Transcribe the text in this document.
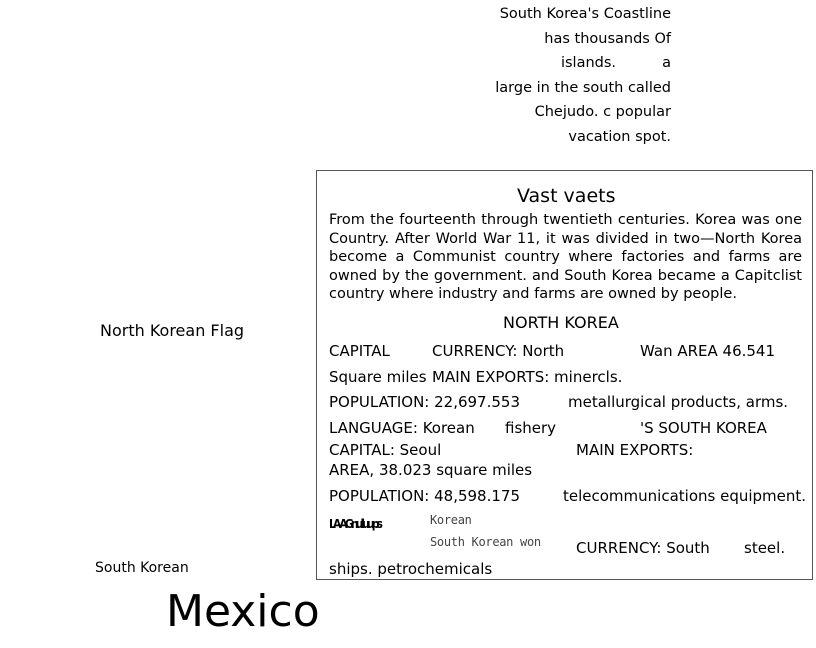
South Korea's Coastline
has thousands Of
islands.          a
large in the south called
Chejudo. c popular
vacation spot.
North Korean Flag
South Korean
Vast vaets
From the fourteenth through twentieth centuries. Korea was one Country. After World War 11, it was divided in two—North Korea become a Communist country where factories and farms are owned by the government. and South Korea became a Capitclist country where industry and farms are owned by people.
NORTH KOREA
CAPITAL	CURRENCY: North	Wan AREA 46.541
Square miles MAIN EXPORTS: minercls.
POPULATION: 22,697.553	metallurgical products, arms.
LANGUAGE: Korean fishery	'S SOUTH KOREA
CAPITAL: Seoul	MAIN EXPORTS:
AREA, 38.023 square miles
POPULATION: 48,598.175	telecommunications equipment.
LA AGnulluups	Korean
South Korean won CURRENCY: South steel.
ships. petrochemicals
Mexico
